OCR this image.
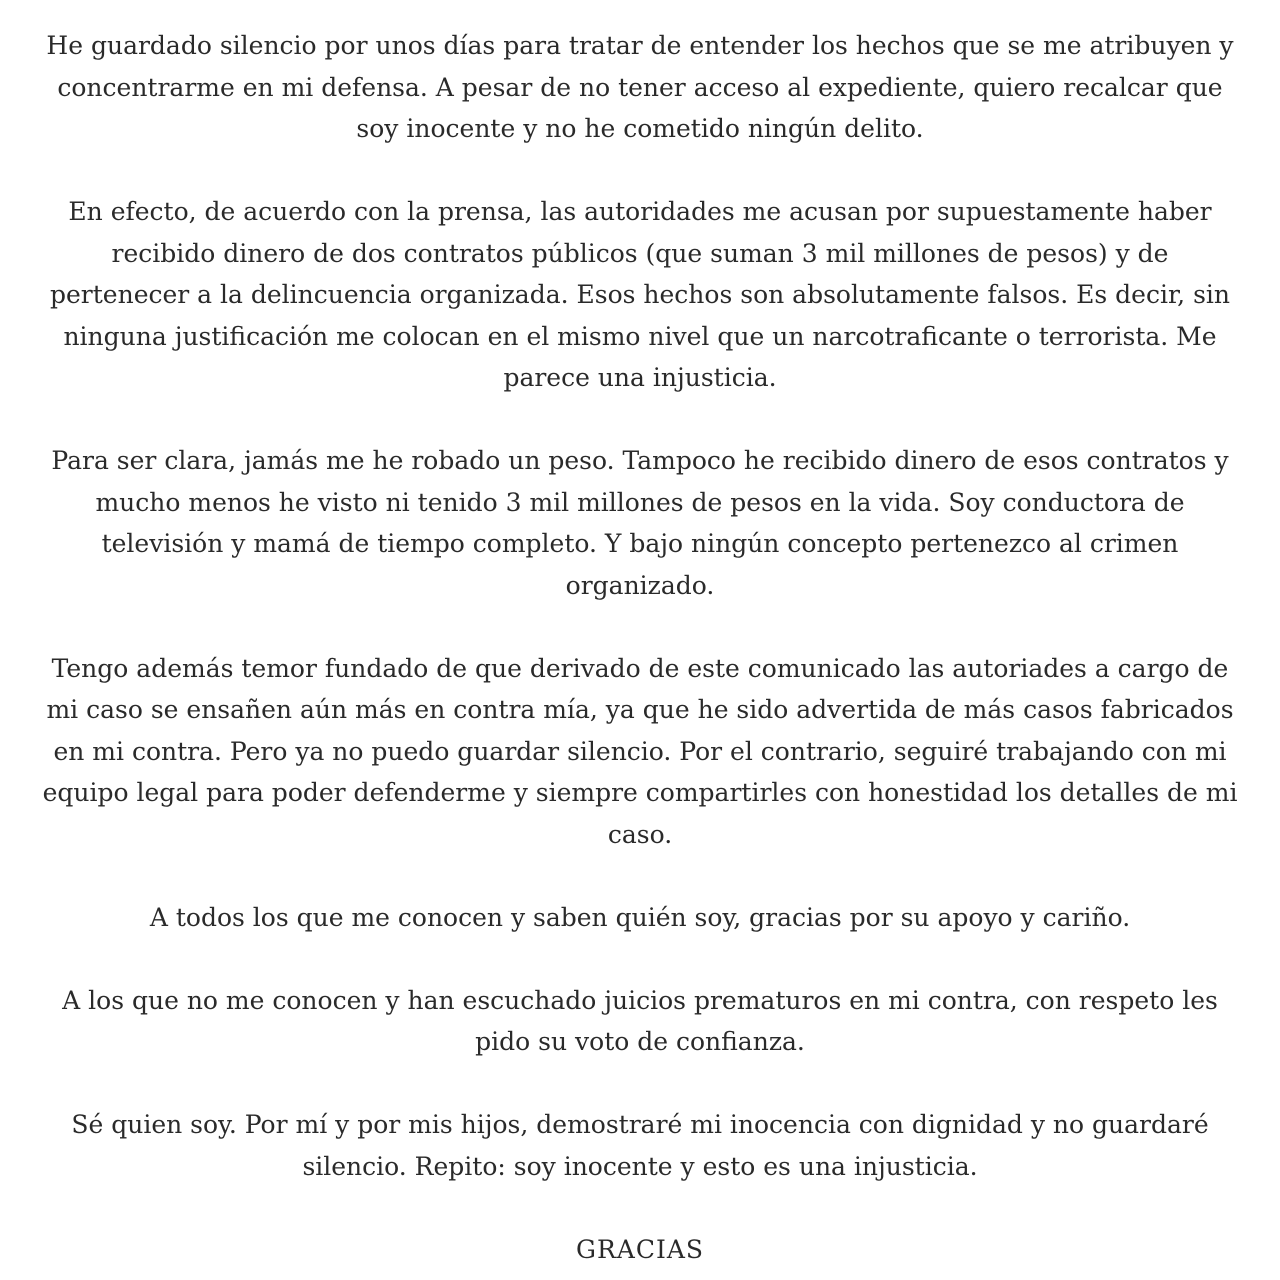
He guardado silencio por unos días para tratar de entender los hechos que se me atribuyen y concentrarme en mi defensa. A pesar de no tener acceso al expediente, quiero recalcar que soy inocente y no he cometido ningún delito.

En efecto, de acuerdo con la prensa, las autoridades me acusan por supuestamente haber recibido dinero de dos contratos públicos (que suman 3 mil millones de pesos) y de pertenecer a la delincuencia organizada. Esos hechos son absolutamente falsos. Es decir, sin ninguna justificación me colocan en el mismo nivel que un narcotraficante o terrorista. Me parece una injusticia.

Para ser clara, jamás me he robado un peso. Tampoco he recibido dinero de esos contratos y mucho menos he visto ni tenido 3 mil millones de pesos en la vida. Soy conductora de televisión y mamá de tiempo completo. Y bajo ningún concepto pertenezco al crimen organizado.

Tengo además temor fundado de que derivado de este comunicado las autoriades a cargo de mi caso se ensañen aún más en contra mía, ya que he sido advertida de más casos fabricados en mi contra. Pero ya no puedo guardar silencio. Por el contrario, seguiré trabajando con mi equipo legal para poder defenderme y siempre compartirles con honestidad los detalles de mi caso.

A todos los que me conocen y saben quién soy, gracias por su apoyo y cariño.

A los que no me conocen y han escuchado juicios prematuros en mi contra, con respeto les pido su voto de confianza.

Sé quien soy. Por mí y por mis hijos, demostraré mi inocencia con dignidad y no guardaré silencio. Repito: soy inocente y esto es una injusticia.

GRACIAS
